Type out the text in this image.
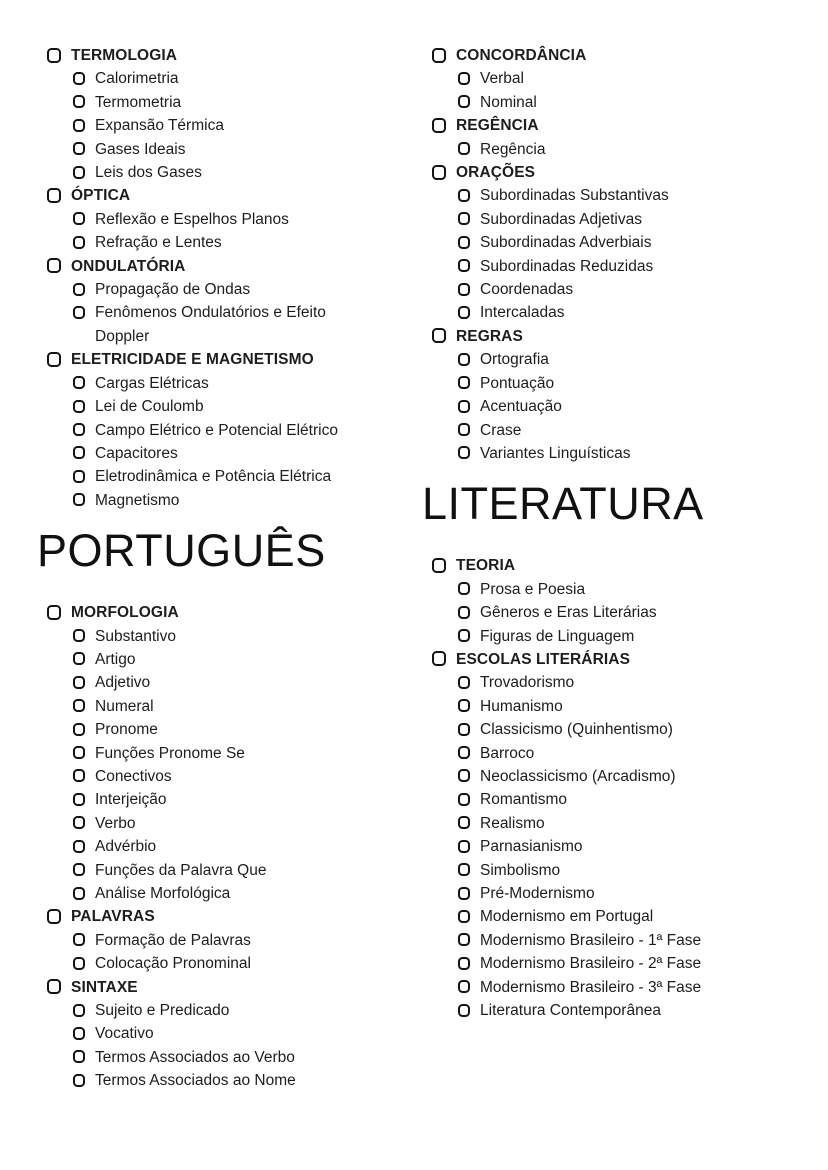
TERMOLOGIA
Calorimetria
Termometria
Expansão Térmica
Gases Ideais
Leis dos Gases
ÓPTICA
Reflexão e Espelhos Planos
Refração e Lentes
ONDULATÓRIA
Propagação de Ondas
Fenômenos Ondulatórios e Efeito Doppler
ELETRICIDADE E MAGNETISMO
Cargas Elétricas
Lei de Coulomb
Campo Elétrico e Potencial Elétrico
Capacitores
Eletrodinâmica e Potência Elétrica
Magnetismo
PORTUGUÊS
MORFOLOGIA
Substantivo
Artigo
Adjetivo
Numeral
Pronome
Funções Pronome Se
Conectivos
Interjeição
Verbo
Advérbio
Funções da Palavra Que
Análise Morfológica
PALAVRAS
Formação de Palavras
Colocação Pronominal
SINTAXE
Sujeito e Predicado
Vocativo
Termos Associados ao Verbo
Termos Associados ao Nome
CONCORDÂNCIA
Verbal
Nominal
REGÊNCIA
Regência
ORAÇÕES
Subordinadas Substantivas
Subordinadas Adjetivas
Subordinadas Adverbiais
Subordinadas Reduzidas
Coordenadas
Intercaladas
REGRAS
Ortografia
Pontuação
Acentuação
Crase
Variantes Linguísticas
LITERATURA
TEORIA
Prosa e Poesia
Gêneros e Eras Literárias
Figuras de Linguagem
ESCOLAS LITERÁRIAS
Trovadorismo
Humanismo
Classicismo (Quinhentismo)
Barroco
Neoclassicismo (Arcadismo)
Romantismo
Realismo
Parnasianismo
Simbolismo
Pré-Modernismo
Modernismo em Portugal
Modernismo Brasileiro - 1ª Fase
Modernismo Brasileiro - 2ª Fase
Modernismo Brasileiro - 3ª Fase
Literatura Contemporânea
